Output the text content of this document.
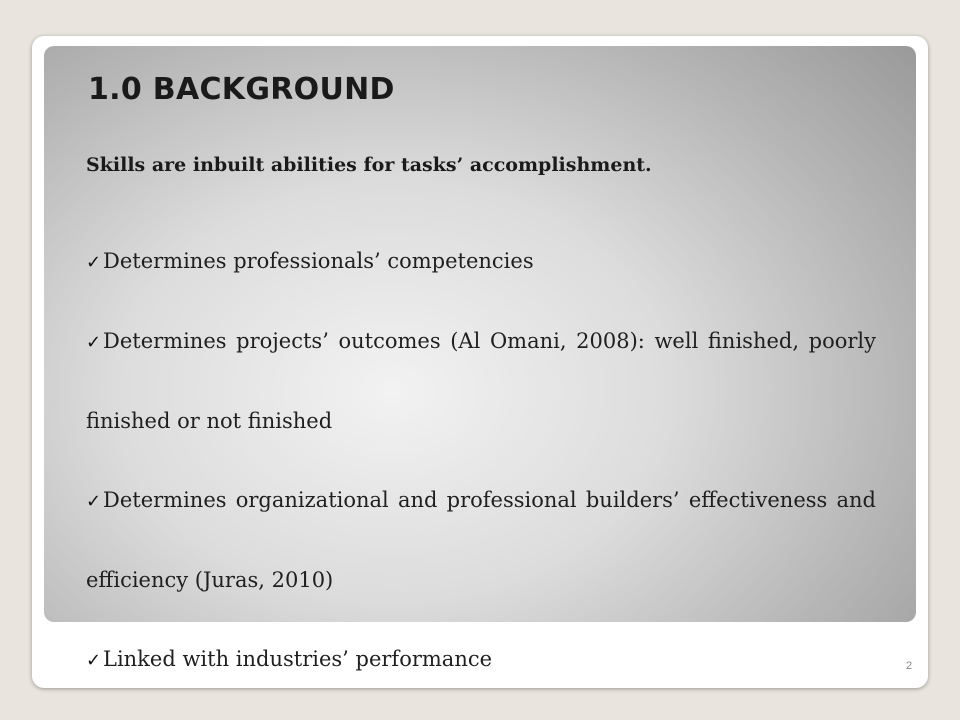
1.0 BACKGROUND

Skills are inbuilt abilities for tasks’ accomplishment.

✓Determines professionals’ competencies

✓Determines projects’ outcomes (Al Omani, 2008): well finished, poorly finished or not finished

✓Determines organizational and professional builders’ effectiveness and efficiency (Juras, 2010)

✓Linked with industries’ performance	2
